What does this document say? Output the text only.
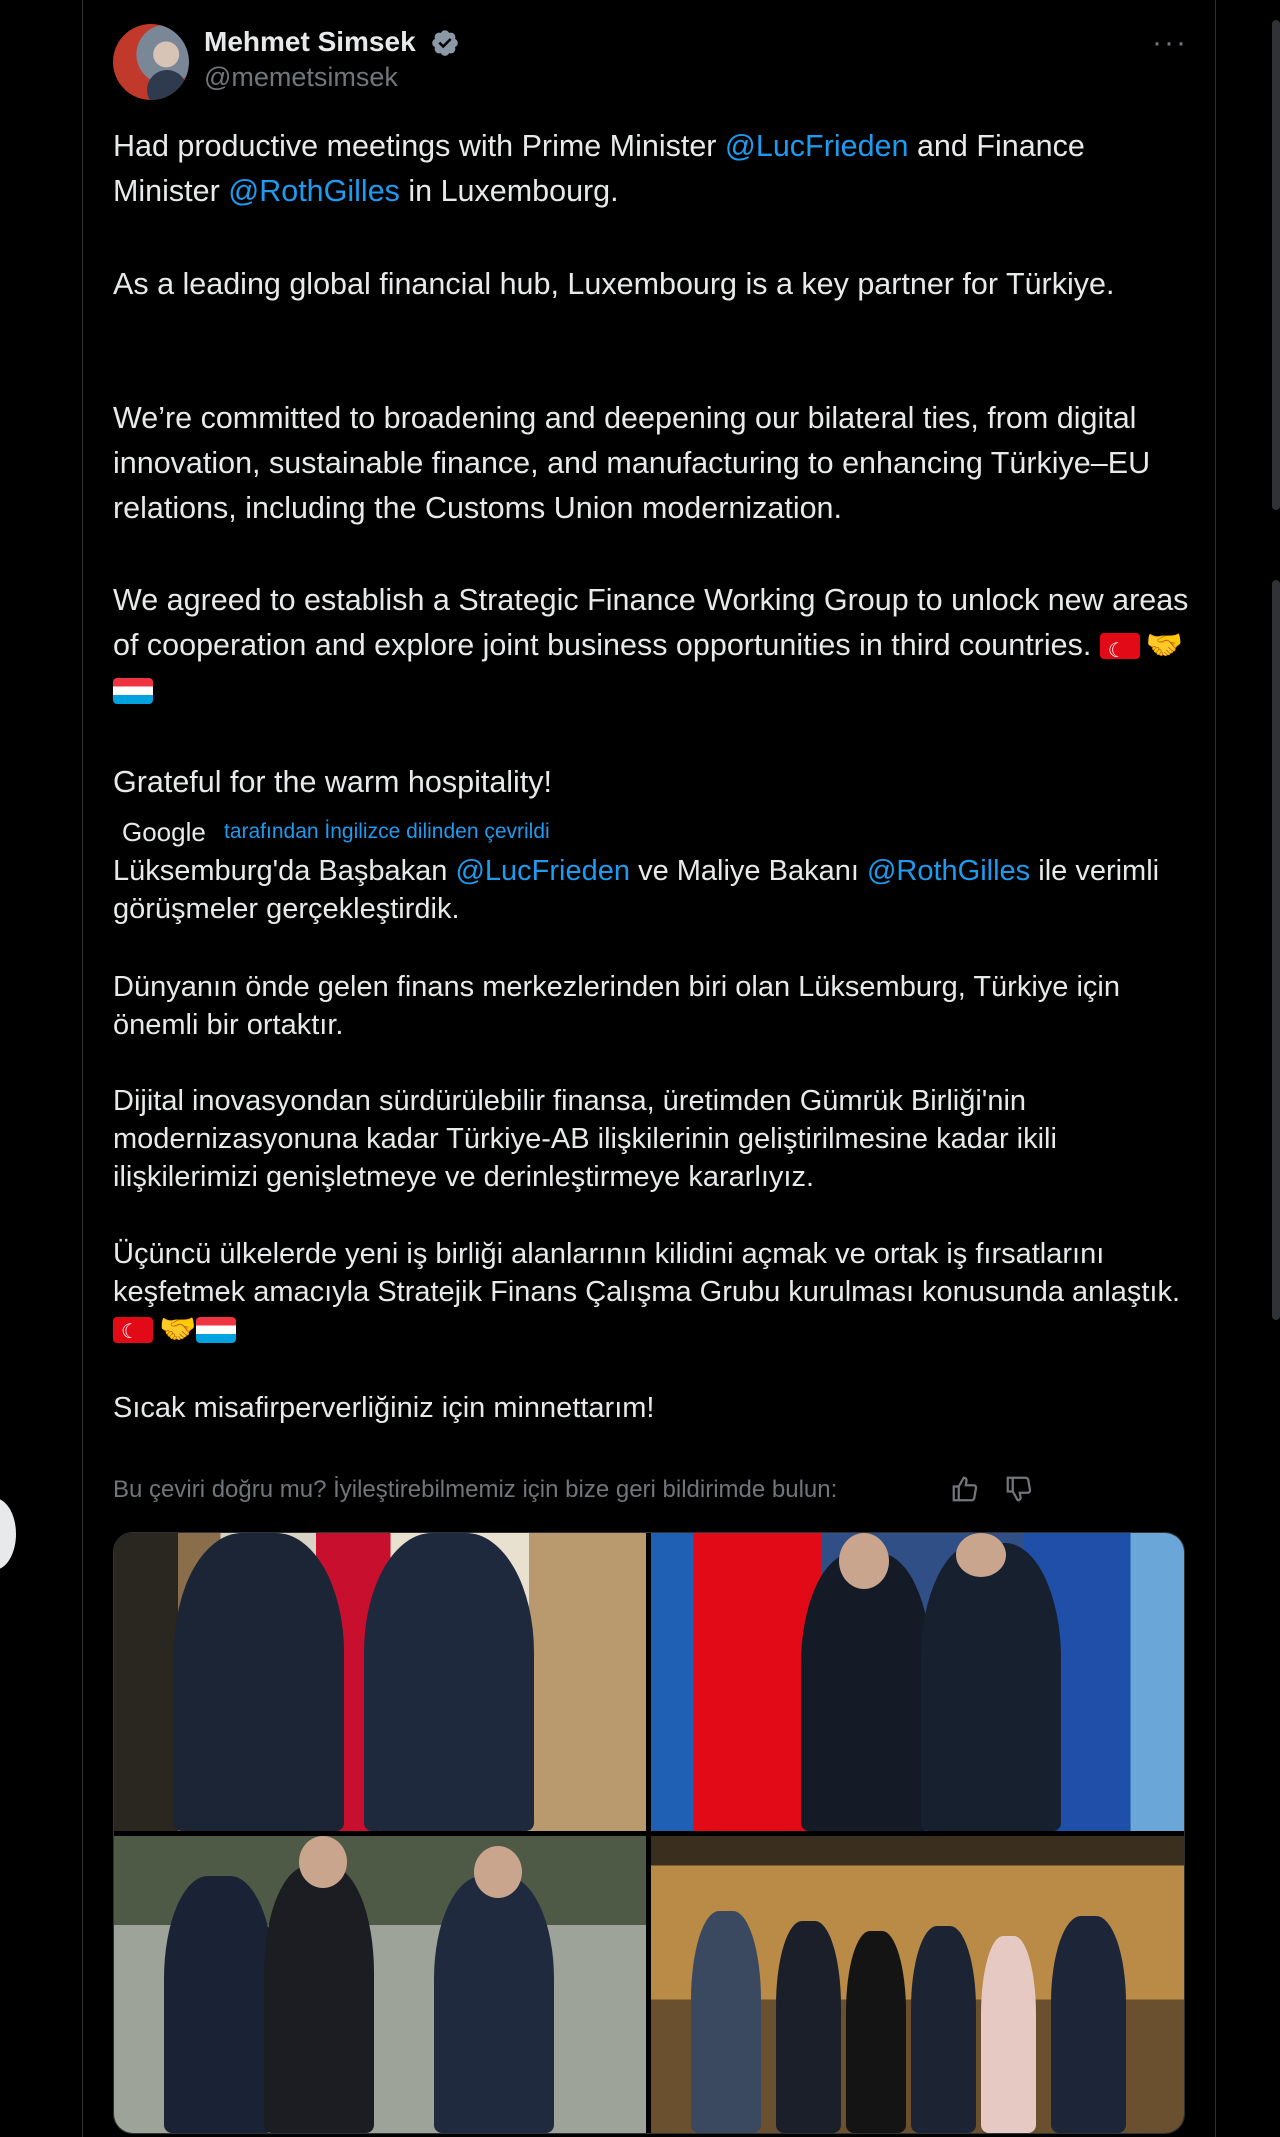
Mehmet Simsek
@memetsimsek
···
Had productive meetings with Prime Minister @LucFrieden and Finance Minister @RothGilles in Luxembourg.
As a leading global financial hub, Luxembourg is a key partner for Türkiye.
We’re committed to broadening and deepening our bilateral ties, from digital innovation, sustainable finance, and manufacturing to enhancing Türkiye–EU relations, including the Customs Union modernization.
We agreed to establish a Strategic Finance Working Group to unlock new areas of cooperation and explore joint business opportunities in third countries. ☾🤝
Grateful for the warm hospitality!
Google tarafından İngilizce dilinden çevrildi
Lüksemburg'da Başbakan @LucFrieden ve Maliye Bakanı @RothGilles ile verimli görüşmeler gerçekleştirdik.
Dünyanın önde gelen finans merkezlerinden biri olan Lüksemburg, Türkiye için önemli bir ortaktır.
Dijital inovasyondan sürdürülebilir finansa, üretimden Gümrük Birliği'nin modernizasyonuna kadar Türkiye-AB ilişkilerinin geliştirilmesine kadar ikili ilişkilerimizi genişletmeye ve derinleştirmeye kararlıyız.
Üçüncü ülkelerde yeni iş birliği alanlarının kilidini açmak ve ortak iş fırsatlarını keşfetmek amacıyla Stratejik Finans Çalışma Grubu kurulması konusunda anlaştık. ☾🤝
Sıcak misafirperverliğiniz için minnettarım!
Bu çeviri doğru mu? İyileştirebilmemiz için bize geri bildirimde bulun:
